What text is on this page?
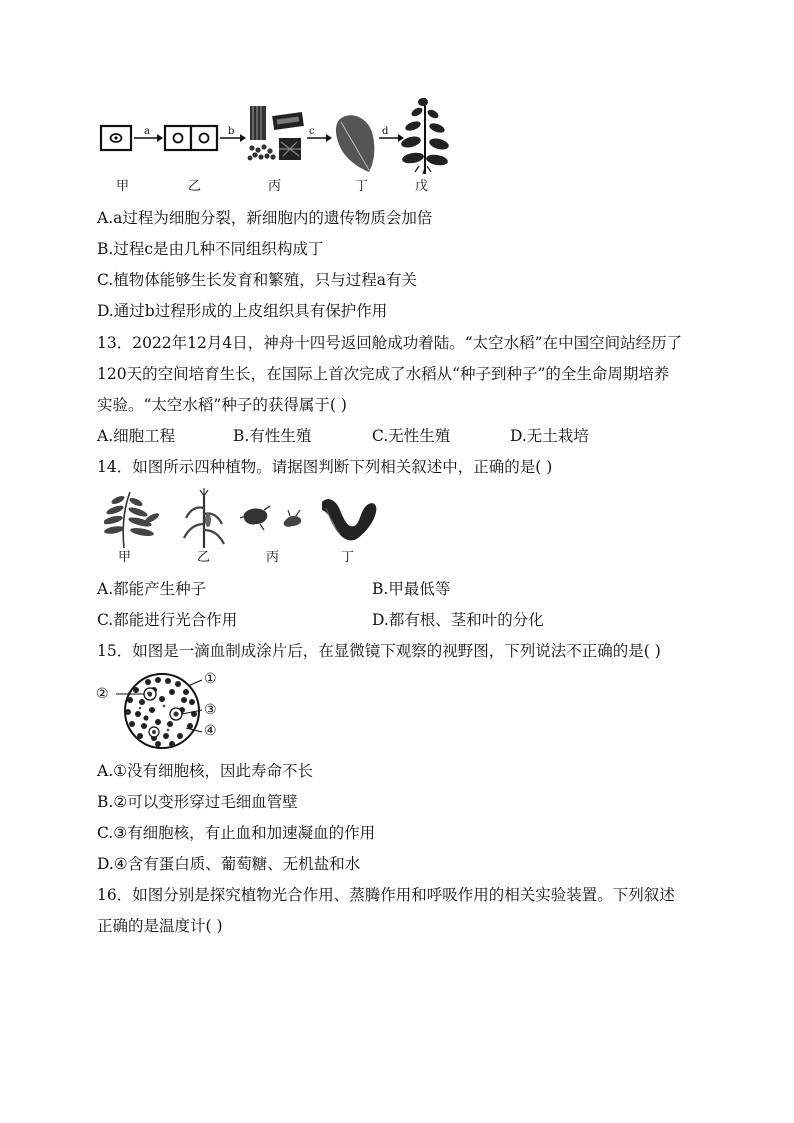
a	b	c	d
甲	乙	丙	丁	戊
A.a过程为细胞分裂，新细胞内的遗传物质会加倍
B.过程c是由几种不同组织构成丁
C.植物体能够生长发育和繁殖，只与过程a有关
D.通过b过程形成的上皮组织具有保护作用
13．2022年12月4日，神舟十四号返回舱成功着陆。“太空水稻”在中国空间站经历了
120天的空间培育生长，在国际上首次完成了水稻从“种子到种子”的全生命周期培养
实验。“太空水稻”种子的获得属于( )
A.细胞工程	B.有性生殖	C.无性生殖	D.无土栽培
14．如图所示四种植物。请据图判断下列相关叙述中，正确的是( )
甲	乙	丙	丁
A.都能产生种子	B.甲最低等
C.都能进行光合作用	D.都有根、茎和叶的分化
15．如图是一滴血制成涂片后，在显微镜下观察的视野图，下列说法不正确的是( )
①
②
③
④
A.①没有细胞核，因此寿命不长
B.②可以变形穿过毛细血管壁
C.③有细胞核，有止血和加速凝血的作用
D.④含有蛋白质、葡萄糖、无机盐和水
16．如图分别是探究植物光合作用、蒸腾作用和呼吸作用的相关实验装置。下列叙述
正确的是温度计( )
